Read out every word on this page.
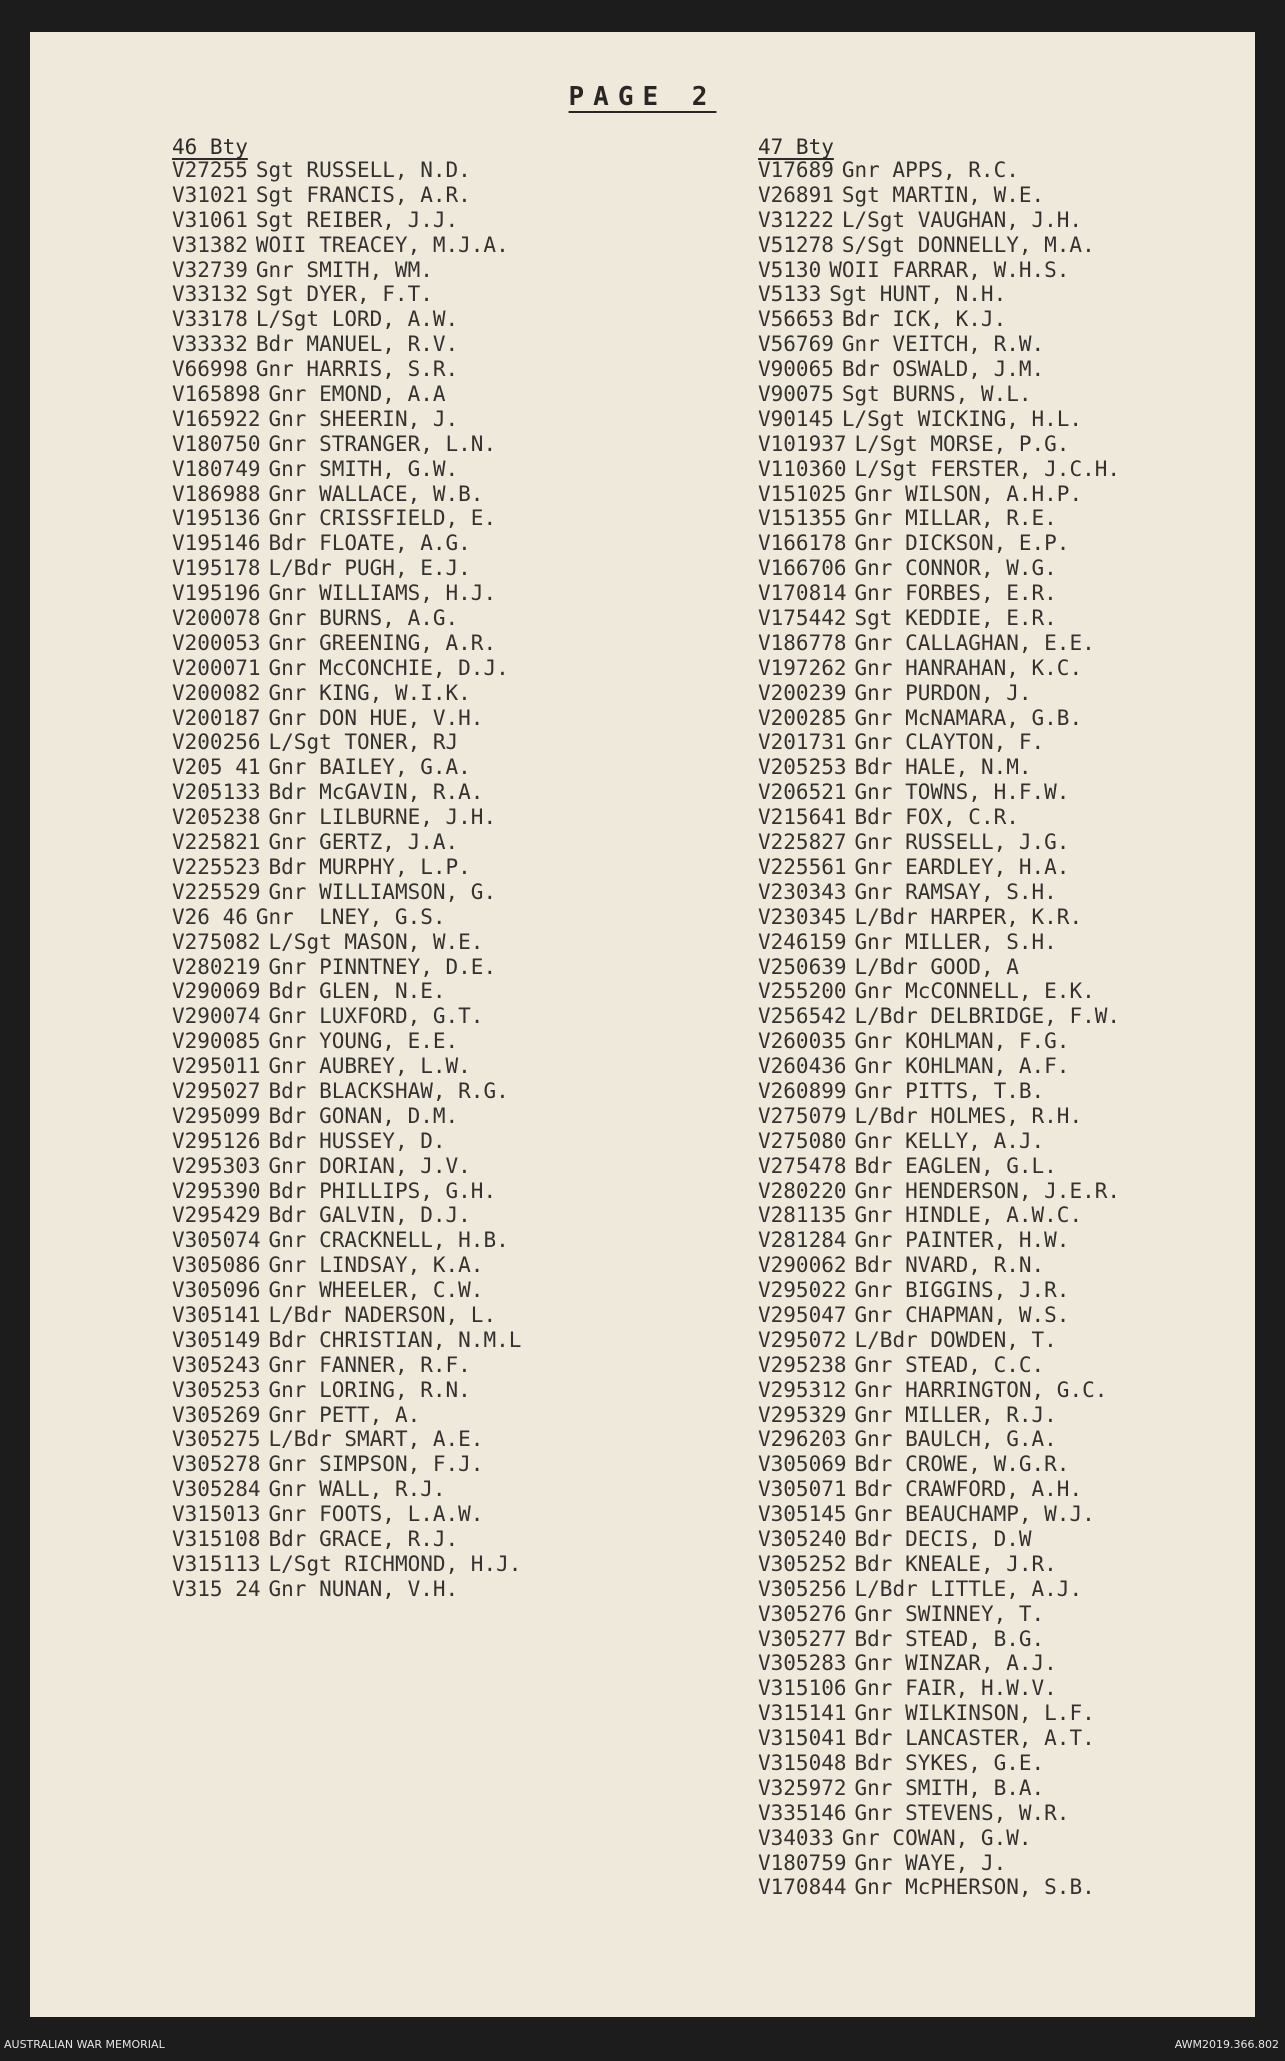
PAGE 2
46 Bty
V27255 Sgt RUSSELL, N.D.
V31021 Sgt FRANCIS, A.R.
V31061 Sgt REIBER, J.J.
V31382 WOII TREACEY, M.J.A.
V32739 Gnr SMITH, WM.
V33132 Sgt DYER, F.T.
V33178 L/Sgt LORD, A.W.
V33332 Bdr MANUEL, R.V.
V66998 Gnr HARRIS, S.R.
V165898 Gnr EMOND, A.A
V165922 Gnr SHEERIN, J.
V180750 Gnr STRANGER, L.N.
V180749 Gnr SMITH, G.W.
V186988 Gnr WALLACE, W.B.
V195136 Gnr CRISSFIELD, E.
V195146 Bdr FLOATE, A.G.
V195178 L/Bdr PUGH, E.J.
V195196 Gnr WILLIAMS, H.J.
V200078 Gnr BURNS, A.G.
V200053 Gnr GREENING, A.R.
V200071 Gnr McCONCHIE, D.J.
V200082 Gnr KING, W.I.K.
V200187 Gnr DON HUE, V.H.
V200256 L/Sgt TONER, RJ
V205 41 Gnr BAILEY, G.A.
V205133 Bdr McGAVIN, R.A.
V205238 Gnr LILBURNE, J.H.
V225821 Gnr GERTZ, J.A.
V225523 Bdr MURPHY, L.P.
V225529 Gnr WILLIAMSON, G.
V26 46 Gnr  LNEY, G.S.
V275082 L/Sgt MASON, W.E.
V280219 Gnr PINNTNEY, D.E.
V290069 Bdr GLEN, N.E.
V290074 Gnr LUXFORD, G.T.
V290085 Gnr YOUNG, E.E.
V295011 Gnr AUBREY, L.W.
V295027 Bdr BLACKSHAW, R.G.
V295099 Bdr GONAN, D.M.
V295126 Bdr HUSSEY, D.
V295303 Gnr DORIAN, J.V.
V295390 Bdr PHILLIPS, G.H.
V295429 Bdr GALVIN, D.J.
V305074 Gnr CRACKNELL, H.B.
V305086 Gnr LINDSAY, K.A.
V305096 Gnr WHEELER, C.W.
V305141 L/Bdr NADERSON, L.
V305149 Bdr CHRISTIAN, N.M.L
V305243 Gnr FANNER, R.F.
V305253 Gnr LORING, R.N.
V305269 Gnr PETT, A.
V305275 L/Bdr SMART, A.E.
V305278 Gnr SIMPSON, F.J.
V305284 Gnr WALL, R.J.
V315013 Gnr FOOTS, L.A.W.
V315108 Bdr GRACE, R.J.
V315113 L/Sgt RICHMOND, H.J.
V315 24 Gnr NUNAN, V.H.
47 Bty
V17689 Gnr APPS, R.C.
V26891 Sgt MARTIN, W.E.
V31222 L/Sgt VAUGHAN, J.H.
V51278 S/Sgt DONNELLY, M.A.
V5130 WOII FARRAR, W.H.S.
V5133 Sgt HUNT, N.H.
V56653 Bdr ICK, K.J.
V56769 Gnr VEITCH, R.W.
V90065 Bdr OSWALD, J.M.
V90075 Sgt BURNS, W.L.
V90145 L/Sgt WICKING, H.L.
V101937 L/Sgt MORSE, P.G.
V110360 L/Sgt FERSTER, J.C.H.
V151025 Gnr WILSON, A.H.P.
V151355 Gnr MILLAR, R.E.
V166178 Gnr DICKSON, E.P.
V166706 Gnr CONNOR, W.G.
V170814 Gnr FORBES, E.R.
V175442 Sgt KEDDIE, E.R.
V186778 Gnr CALLAGHAN, E.E.
V197262 Gnr HANRAHAN, K.C.
V200239 Gnr PURDON, J.
V200285 Gnr McNAMARA, G.B.
V201731 Gnr CLAYTON, F.
V205253 Bdr HALE, N.M.
V206521 Gnr TOWNS, H.F.W.
V215641 Bdr FOX, C.R.
V225827 Gnr RUSSELL, J.G.
V225561 Gnr EARDLEY, H.A.
V230343 Gnr RAMSAY, S.H.
V230345 L/Bdr HARPER, K.R.
V246159 Gnr MILLER, S.H.
V250639 L/Bdr GOOD, A
V255200 Gnr McCONNELL, E.K.
V256542 L/Bdr DELBRIDGE, F.W.
V260035 Gnr KOHLMAN, F.G.
V260436 Gnr KOHLMAN, A.F.
V260899 Gnr PITTS, T.B.
V275079 L/Bdr HOLMES, R.H.
V275080 Gnr KELLY, A.J.
V275478 Bdr EAGLEN, G.L.
V280220 Gnr HENDERSON, J.E.R.
V281135 Gnr HINDLE, A.W.C.
V281284 Gnr PAINTER, H.W.
V290062 Bdr NVARD, R.N.
V295022 Gnr BIGGINS, J.R.
V295047 Gnr CHAPMAN, W.S.
V295072 L/Bdr DOWDEN, T.
V295238 Gnr STEAD, C.C.
V295312 Gnr HARRINGTON, G.C.
V295329 Gnr MILLER, R.J.
V296203 Gnr BAULCH, G.A.
V305069 Bdr CROWE, W.G.R.
V305071 Bdr CRAWFORD, A.H.
V305145 Gnr BEAUCHAMP, W.J.
V305240 Bdr DECIS, D.W
V305252 Bdr KNEALE, J.R.
V305256 L/Bdr LITTLE, A.J.
V305276 Gnr SWINNEY, T.
V305277 Bdr STEAD, B.G.
V305283 Gnr WINZAR, A.J.
V315106 Gnr FAIR, H.W.V.
V315141 Gnr WILKINSON, L.F.
V315041 Bdr LANCASTER, A.T.
V315048 Bdr SYKES, G.E.
V325972 Gnr SMITH, B.A.
V335146 Gnr STEVENS, W.R.
V34033 Gnr COWAN, G.W.
V180759 Gnr WAYE, J.
V170844 Gnr McPHERSON, S.B.
AUSTRALIAN WAR MEMORIAL	AWM2019.366.802
